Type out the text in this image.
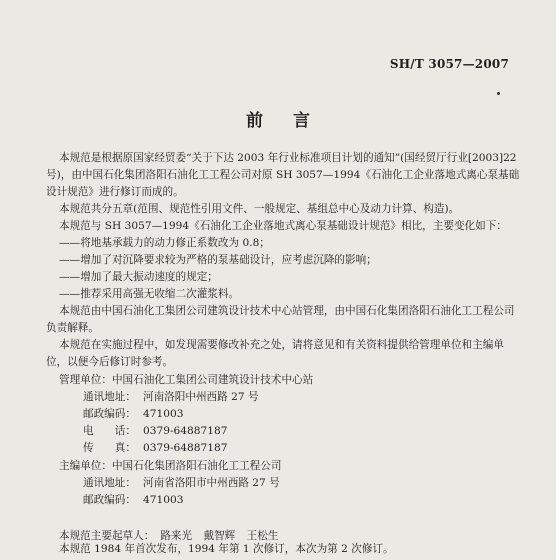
SH/T 3057—2007
前言

本规范是根据原国家经贸委“关于下达 2003 年行业标准项目计划的通知”(国经贸厅行业[2003]22号)，由中国石化集团洛阳石油化工工程公司对原 SH 3057—1994《石油化工企业落地式离心泵基础设计规范》进行修订而成的。

本规范共分五章(范围、规范性引用文件、一般规定、基组总中心及动力计算、构造)。

本规范与 SH 3057—1994《石油化工企业落地式离心泵基础设计规范》相比，主要变化如下：

——将地基承载力的动力修正系数改为 0.8；
——增加了对沉降要求较为严格的泵基础设计，应考虑沉降的影响；
——增加了最大振动速度的规定；
——推荐采用高强无收缩二次灌浆料。

本规范由中国石油化工集团公司建筑设计技术中心站管理，由中国石化集团洛阳石油化工工程公司负责解释。

本规范在实施过程中，如发现需要修改补充之处，请将意见和有关资料提供给管理单位和主编单位，以便今后修订时参考。

管理单位：中国石油化工集团公司建筑设计技术中心站
通讯地址： 河南洛阳中州西路 27 号
邮政编码： 471003
电　　话： 0379-64887187
传　　真： 0379-64887187
主编单位：中国石化集团洛阳石油化工工程公司
通讯地址： 河南省洛阳市中州西路 27 号
邮政编码： 471003
本规范主要起草人： 路来光 戴智辉 王松生
本规范 1984 年首次发布，1994 年第 1 次修订，本次为第 2 次修订。
